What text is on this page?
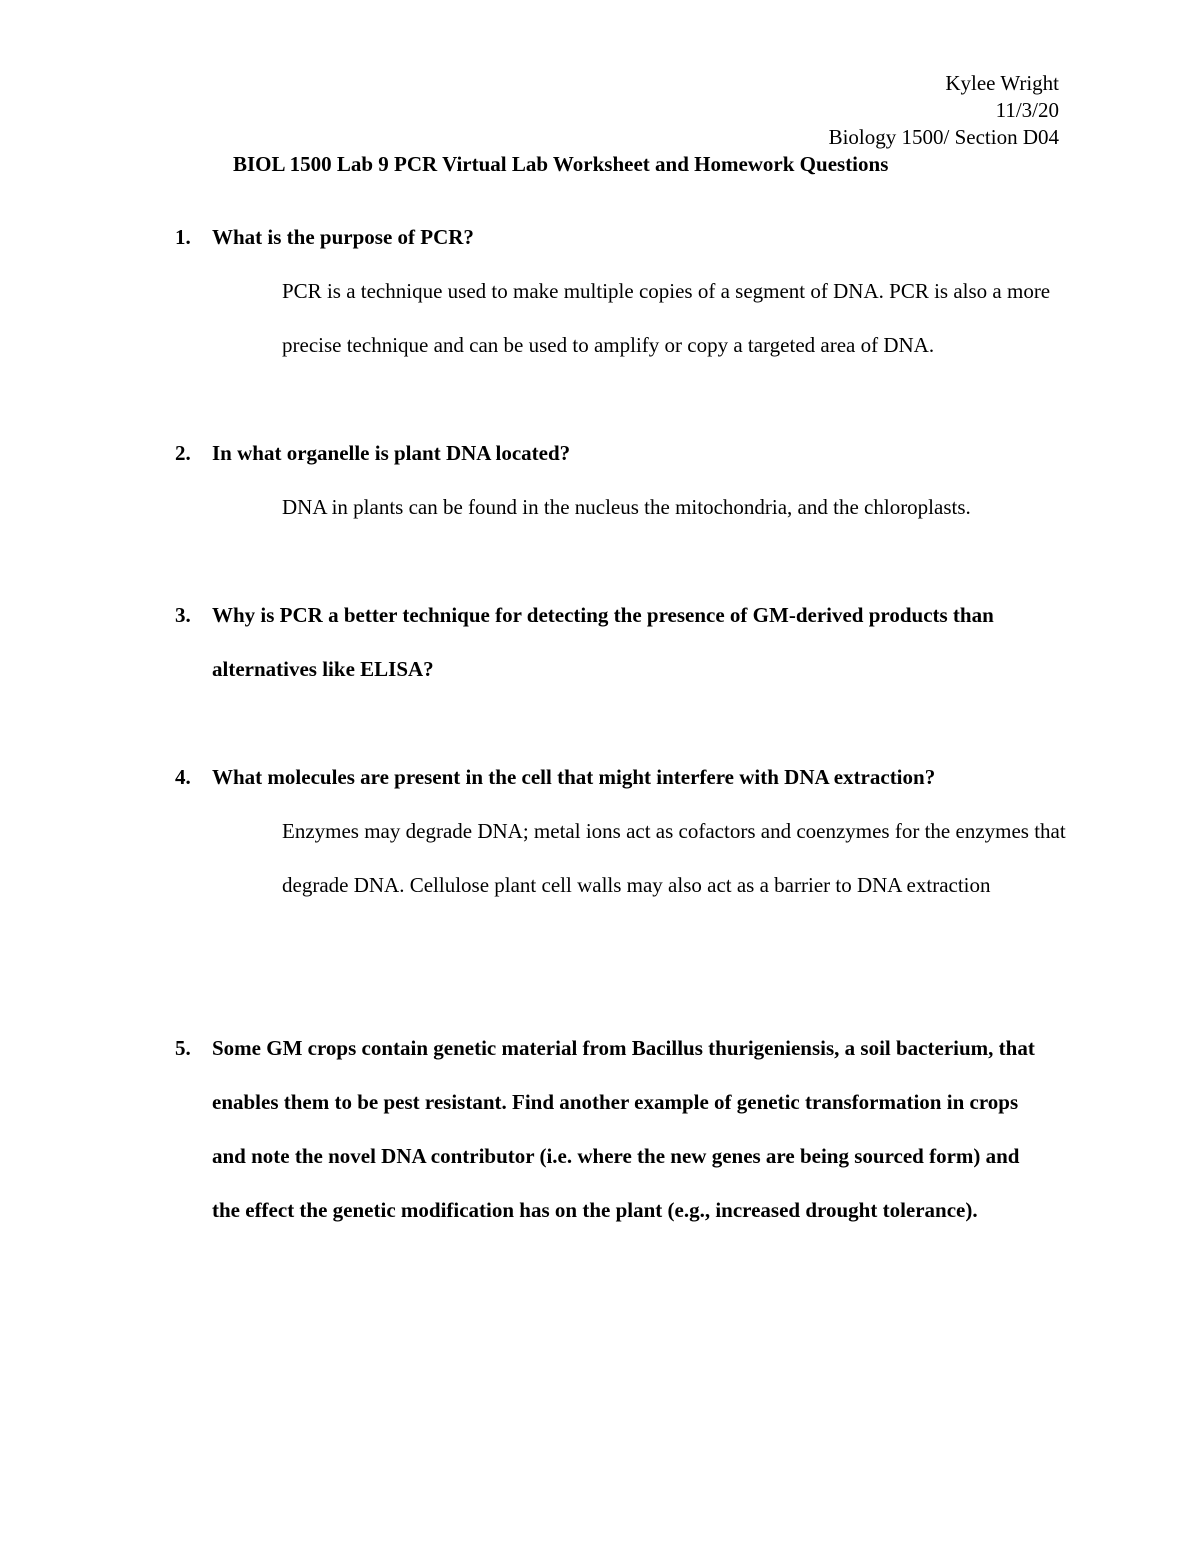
Kylee Wright
11/3/20
Biology 1500/ Section D04
BIOL 1500 Lab 9 PCR Virtual Lab Worksheet and Homework Questions
1. What is the purpose of PCR?
PCR is a technique used to make multiple copies of a segment of DNA. PCR is also a more precise technique and can be used to amplify or copy a targeted area of DNA.
2. In what organelle is plant DNA located?
DNA in plants can be found in the nucleus the mitochondria, and the chloroplasts.
3. Why is PCR a better technique for detecting the presence of GM-derived products than alternatives like ELISA?
4. What molecules are present in the cell that might interfere with DNA extraction?
Enzymes may degrade DNA; metal ions act as cofactors and coenzymes for the enzymes that degrade DNA. Cellulose plant cell walls may also act as a barrier to DNA extraction
5. Some GM crops contain genetic material from Bacillus thurigeniensis, a soil bacterium, that enables them to be pest resistant. Find another example of genetic transformation in crops and note the novel DNA contributor (i.e. where the new genes are being sourced form) and the effect the genetic modification has on the plant (e.g., increased drought tolerance).
